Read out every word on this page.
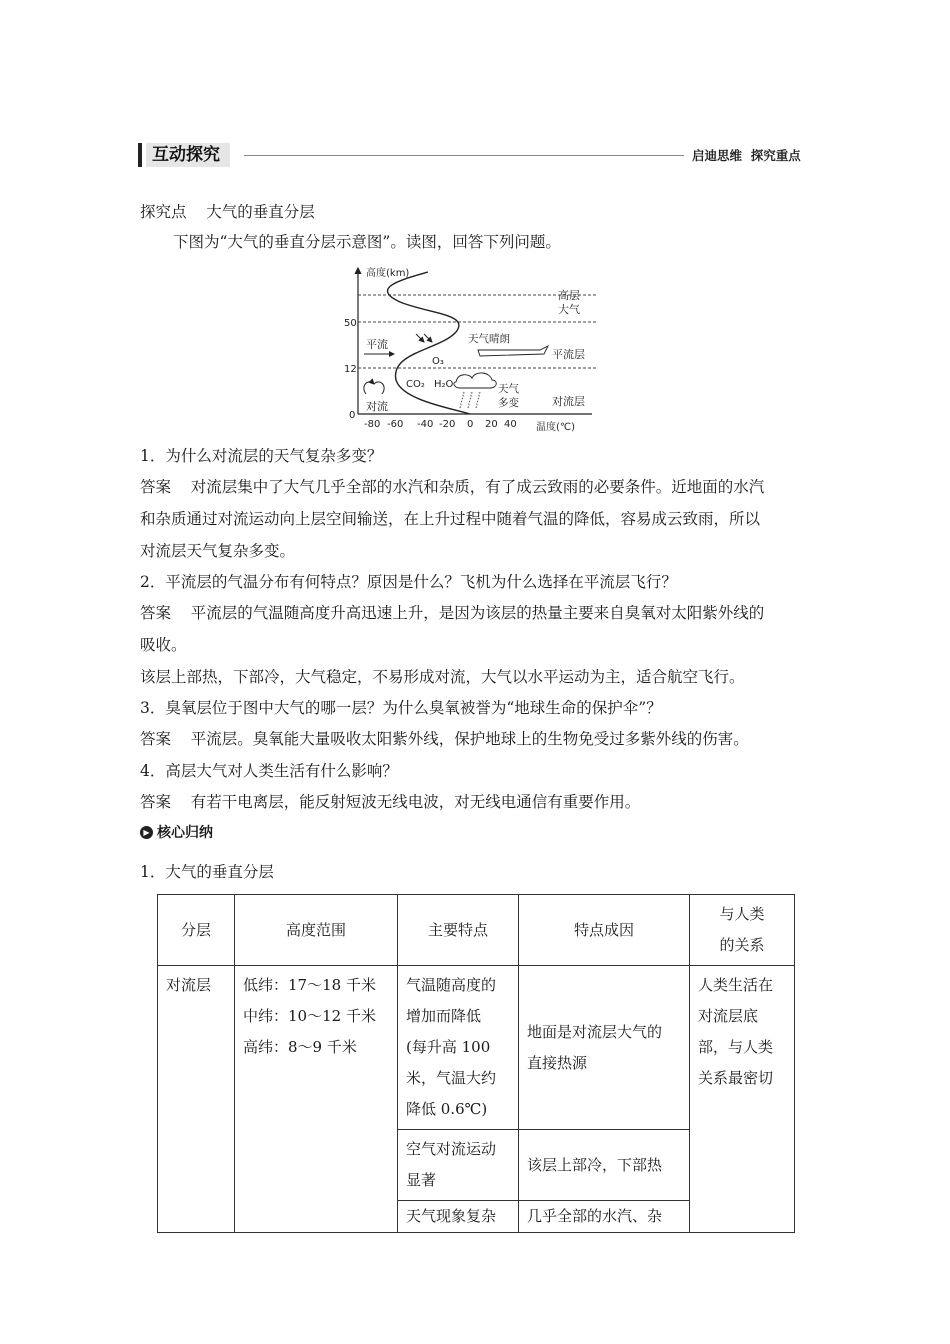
互动探究	启迪思维  探究重点
探究点    大气的垂直分层
下图为“大气的垂直分层示意图”。读图，回答下列问题。
高度(km)
温度(℃)
50
12
0
-80 -60 -40 -20 0 20 40
高层
大气
平流层
对流层
平流
O₃
天气晴朗
对流
CO₂ H₂O	天气
多变
1．为什么对流层的天气复杂多变？
答案    对流层集中了大气几乎全部的水汽和杂质，有了成云致雨的必要条件。近地面的水汽
和杂质通过对流运动向上层空间输送，在上升过程中随着气温的降低，容易成云致雨，所以
对流层天气复杂多变。
2．平流层的气温分布有何特点？原因是什么？飞机为什么选择在平流层飞行？
答案    平流层的气温随高度升高迅速上升，是因为该层的热量主要来自臭氧对太阳紫外线的
吸收。
该层上部热，下部冷，大气稳定，不易形成对流，大气以水平运动为主，适合航空飞行。
3．臭氧层位于图中大气的哪一层？为什么臭氧被誉为“地球生命的保护伞”？
答案    平流层。臭氧能大量吸收太阳紫外线，保护地球上的生物免受过多紫外线的伤害。
4．高层大气对人类生活有什么影响？
答案    有若干电离层，能反射短波无线电波，对无线电通信有重要作用。
▶ 核心归纳
1．大气的垂直分层
分层	高度范围	主要特点	特点成因	与人类
的关系
对流层	低纬：17～18 千米
中纬：10～12 千米
高纬：8～9 千米	气温随高度的
增加而降低
(每升高 100
米，气温大约
降低 0.6℃)	地面是对流层大气的
直接热源	人类生活在
对流层底
部，与人类
关系最密切
		空气对流运动
显著	该层上部冷，下部热	
		天气现象复杂	几乎全部的水汽、杂	
